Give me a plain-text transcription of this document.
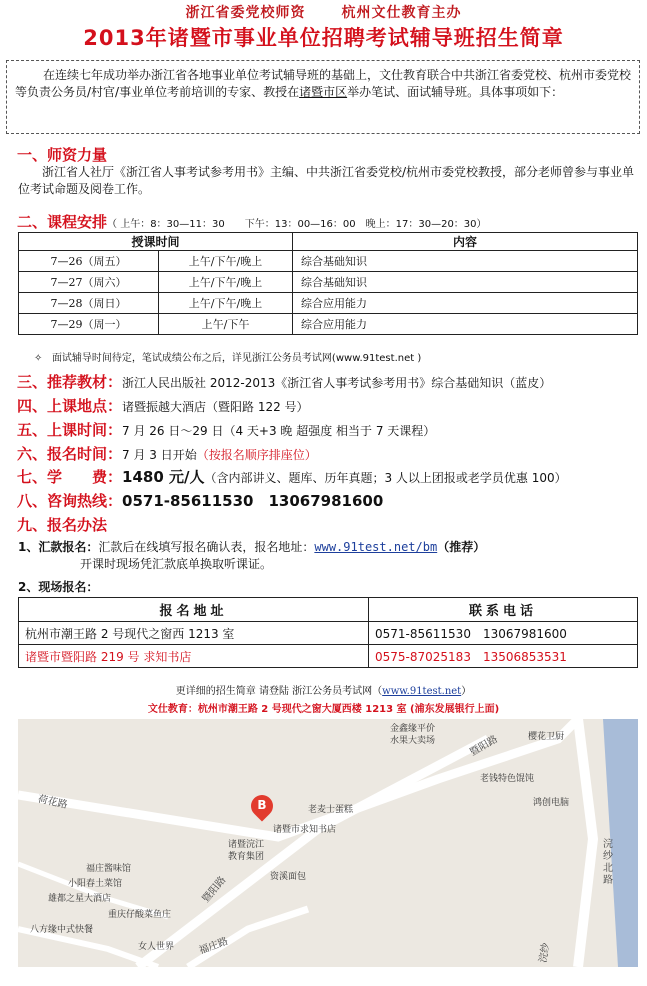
浙江省委党校师资	杭州文仕教育主办
2013年诸暨市事业单位招聘考试辅导班招生简章
在连续七年成功举办浙江省各地事业单位考试辅导班的基础上，文仕教育联合中共浙江省委党校、杭州市委党校等负责公务员/村官/事业单位考前培训的专家、教授在诸暨市区举办笔试、面试辅导班。具体事项如下：
一、师资力量
浙江省人社厅《浙江省人事考试参考用书》主编、中共浙江省委党校/杭州市委党校教授，部分老师曾参与事业单位考试命题及阅卷工作。
二、课程安排（ 上午：8：30—11：30　　下午：13：00—16：00　晚上：17：30—20：30）
授课时间		内容
7—26（周五）	上午/下午/晚上	综合基础知识
7—27（周六）	上午/下午/晚上	综合基础知识
7—28（周日）	上午/下午/晚上	综合应用能力
7—29（周一）	上午/下午	综合应用能力
✧ 面试辅导时间待定，笔试成绩公布之后，详见浙江公务员考试网(www.91test.net )
三、推荐教材：浙江人民出版社 2012-2013《浙江省人事考试参考用书》综合基础知识（蓝皮）
四、上课地点：诸暨振越大酒店（暨阳路 122 号）
五、上课时间：7 月 26 日～29 日（4 天+3 晚 超强度 相当于 7 天课程）
六、报名时间：7 月 3 日开始（按报名顺序排座位）
七、学　　费：1480 元/人（含内部讲义、题库、历年真题；3 人以上团报或老学员优惠 100）
八、咨询热线：0571-85611530　13067981600
九、报名办法
1、汇款报名：汇款后在线填写报名确认表，报名地址：www.91test.net/bm（推荐）
开课时现场凭汇款底单换取听课证。
2、现场报名：
报名地址	联系电话
杭州市潮王路 2 号现代之窗西 1213 室	0571-85611530　13067981600
诸暨市暨阳路 219 号 求知书店	0575-87025183　13506853531
更详细的招生简章 请登陆 浙江公务员考试网（www.91test.net）
文仕教育：杭州市潮王路 2 号现代之窗大厦西楼 1213 室 (浦东发展银行上面)
荷花路
暨阳路
暨阳路
福庄路
浣纱北路
浣纱
金鑫缘平价
水果大卖场	樱花卫厨
老钱特色馄饨
鸿创电脑
老麦士蛋糕
诸暨市求知书店
诸暨浣江
教育集团
资溪面包
福庄酱味馆
小阳春土菜馆
雄都之星大酒店
重庆仔酸菜鱼庄
八方缘中式快餐
女人世界
B
